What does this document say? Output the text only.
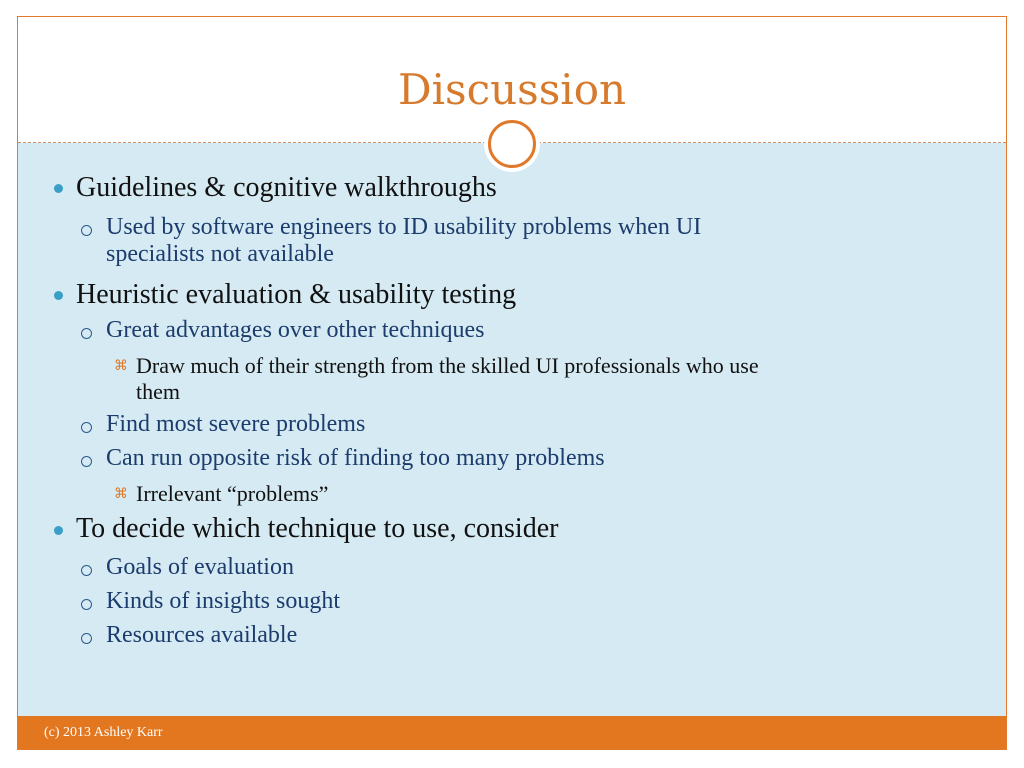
Discussion
Guidelines & cognitive walkthroughs
Used by software engineers to ID usability problems when UI
specialists not available
Heuristic evaluation & usability testing
Great advantages over other techniques
⌘ Draw much of their strength from the skilled UI professionals who use
them
Find most severe problems
Can run opposite risk of finding too many problems
⌘ Irrelevant “problems”
To decide which technique to use, consider
Goals of evaluation
Kinds of insights sought
Resources available
(c) 2013 Ashley Karr
